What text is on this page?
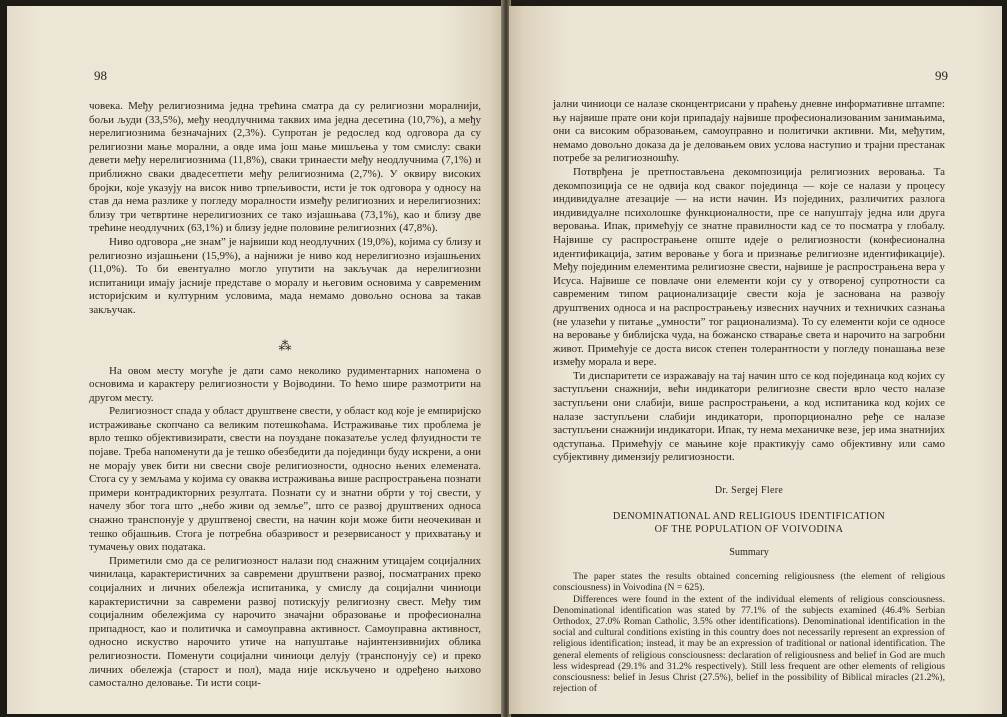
98

човека. Међу религиознима једна трећина сматра да су религиозни моралнији, бољи људи (33,5%), међу неодлучнима таквих има једна десетина (10,7%), а међу нерелигиознима безначајних (2,3%). Супротан је редослед код одговора да су религиозни мање морални, а овде има још мање мишљења у том смислу: сваки девети међу нерелигиознима (11,8%), сваки тринаести међу неодлучнима (7,1%) и приближно сваки двадесетпети међу религиознима (2,7%). У оквиру високих бројки, које указују на висок ниво трпељивости, исти је ток одговора у односу на став да нема разлике у погледу моралности између религиозних и нерелигиозних: близу три четвртине нерелигиозних се тако изјашњава (73,1%), као и близу две трећине неодлучних (63,1%) и близу једне половине религиозних (47,8%).

Ниво одговора „не знам” је највиши код неодлучних (19,0%), којима су близу и религиозно изјашњени (15,9%), а најнижи је ниво код нерелигиозно изјашњених (11,0%). То би евентуално могло упутити на закључак да нерелигиозни испитаници имају јасније представе о моралу и његовим основима у савременим историјским и културним условима, мада немамо довољно основа за такав закључак.

⁂

На овом месту могуће је дати само неколико рудиментарних напомена о основима и карактеру религиозности у Војводини. То ћемо шире размотрити на другом месту.

Религиозност спада у област друштвене свести, у област код које је емпиријско истраживање скопчано са великим потешкоћама. Истраживање тих проблема је врло тешко објективизирати, свести на поуздане показатеље услед флуидности те појаве. Треба напоменути да је тешко обезбедити да појединци буду искрени, а они не морају увек бити ни свесни своје религиозности, односно њених елемената. Стога су у земљама у којима су оваква истраживања више распрострањена познати примери контрадикторних резултата. Познати су и знатни обрти у тој свести, у начелу због тога што „небо живи од земље”, што се развој друштвених односа снажно транспонује у друштвеној свести, на начин који може бити неочекиван и тешко објашњив. Стога је потребна обазривост и резервисаност у прихватању и тумачењу ових података.

Приметили смо да се религиозност налази под снажним утицајем социјалних чинилаца, карактеристичних за савремени друштвени развој, посматраних преко социјалних и личних обележја испитаника, у смислу да социјални чиниоци карактеристични за савремени развој потискују религиозну свест. Међу тим социјалним обележјима су нарочито значајни образовање и професионална припадност, као и политичка и самоуправна активност. Самоуправна активност, односно искуство нарочито утиче на напуштање најинтензивнијих облика религиозности. Поменути социјални чиниоци делују (транспонују се) и преко личних обележја (старост и пол), мада није искључено и одређено њихово самостално деловање. Ти исти соци-

99

јални чиниоци се налазе сконцентрисани у праћењу дневне информативне штампе: њу највише прате они који припадају највише професионализованим занимањима, они са високим образовањем, самоуправно и политички активни. Ми, међутим, немамо довољно доказа да је деловањем ових услова наступио и трајни престанак потребе за религиозношћу.

Потврђена је претпостављена декомпозиција религиозних веровања. Та декомпозиција се не одвија код сваког појединца — које се налази у процесу индивидуалне атезације — на исти начин. Из појединих, различитих разлога индивидуалне психолошке функционалности, пре се напуштају једна или друга веровања. Ипак, примећују се знатне правилности кад се то посматра у глобалу. Највише су распрострањене опште идеје о религиозности (конфесионална идентификација, затим веровање у бога и признање религиозне идентификације). Међу појединим елементима религиозне свести, највише је распрострањена вера у Исуса. Највише се повлаче они елементи који су у отвореној супротности са савременим типом рационализације свести која је заснована на развоју друштвених односа и на распрострањењу извесних научних и техничких сазнања (не улазећи у питање „умности” тог рационализма). То су елементи који се односе на веровање у библијска чуда, на божанско стварање света и нарочито на загробни живот. Примећује се доста висок степен толерантности у погледу понашања везе између морала и вере.

Ти диспаритети се изражавају на тај начин што се код појединаца код којих су заступљени снажнији, већи индикатори религиозне свести врло често налазе заступљени они слабији, више распрострањени, а код испитаника код којих се налазе заступљени слабији индикатори, пропорционално ређе се налазе заступљени снажнији индикатори. Ипак, ту нема механичке везе, јер има знатнијих одступања. Примећују се мањине које практикују само објективну или само субјективну димензију религиозности.

Dr. Sergej Flere
DENOMINATIONAL AND RELIGIOUS IDENTIFICATION
OF THE POPULATION OF VOIVODINA
Summary

The paper states the results obtained concerning religiousness (the element of religious consciousness) in Voivodina (N = 625).

Differences were found in the extent of the individual elements of religious consciousness. Denominational identification was stated by 77.1% of the subjects examined (46.4% Serbian Orthodox, 27.0% Roman Catholic, 3.5% other identifications). Denominational identification in the social and cultural conditions existing in this country does not necessarily represent an expression of religious identification; instead, it may be an expression of traditional or national identification. The general elements of religious consciousness: declaration of religiousness and belief in God are much less widespread (29.1% and 31.2% respectively). Still less frequent are other elements of religious consciousness: belief in Jesus Christ (27.5%), belief in the possibility of Biblical miracles (21.2%), rejection of
